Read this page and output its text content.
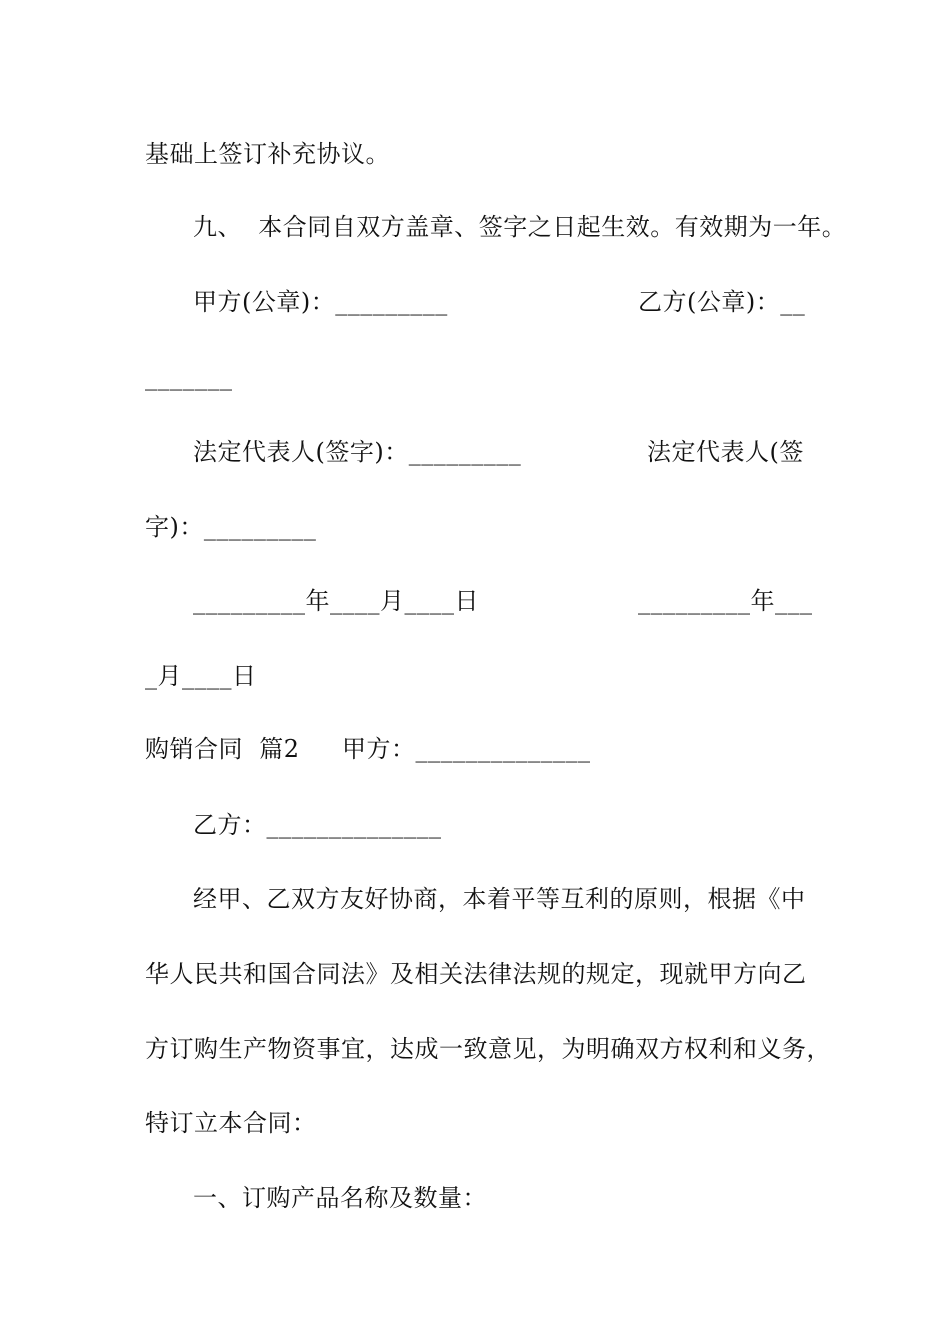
基础上签订补充协议。
九、  本合同自双方盖章、签字之日起生效。有效期为一年。
甲方(公章)：_________	乙方(公章)：__
_______
法定代表人(签字)：_________	法定代表人(签
字)：_________
_________年____月____日	_________年___
_月____日
购销合同  篇2 甲方：______________
乙方：______________
经甲、乙双方友好协商，本着平等互利的原则，根据《中
华人民共和国合同法》及相关法律法规的规定，现就甲方向乙
方订购生产物资事宜，达成一致意见，为明确双方权利和义务，
特订立本合同：
一、订购产品名称及数量：
